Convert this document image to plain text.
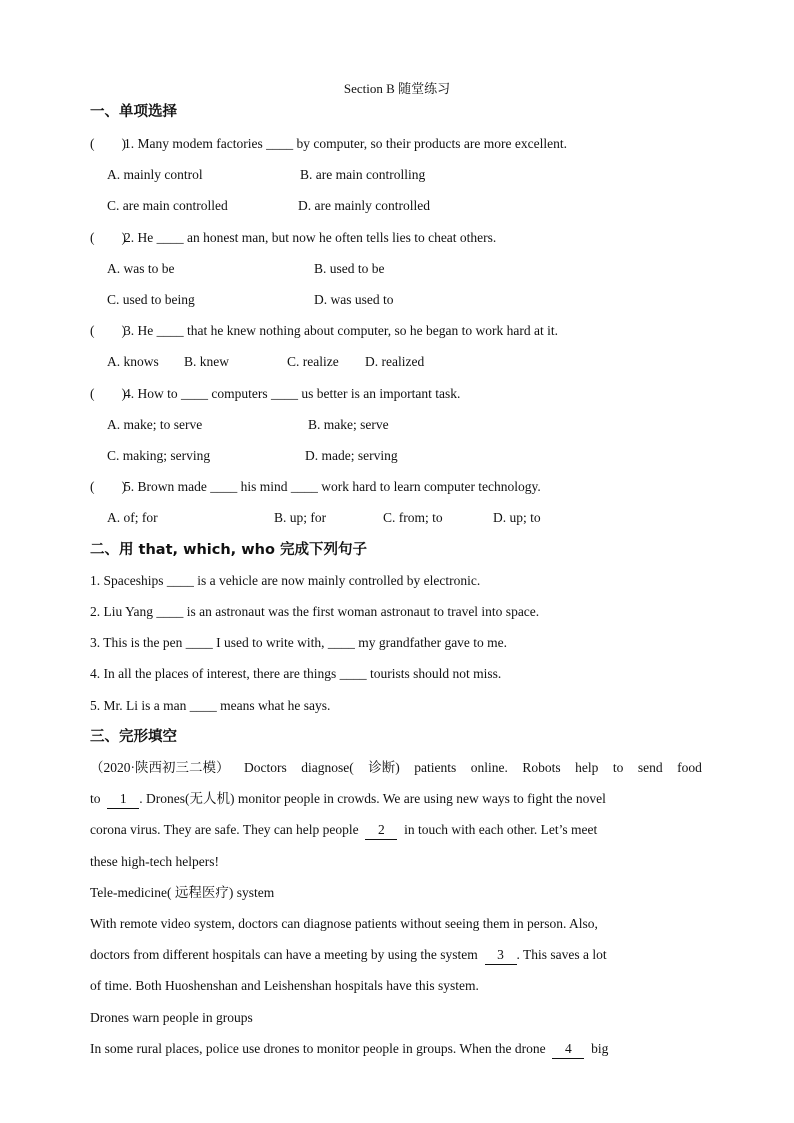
Section B 随堂练习
一、单项选择
(　　)1. Many modem factories ____ by computer, so their products are more excellent.
A. mainly control	B. are main controlling
C. are main controlled	D. are mainly controlled
(　　)2. He ____ an honest man, but now he often tells lies to cheat others.
A. was to be	B. used to be
C. used to being	D. was used to
(　　)3. He ____ that he knew nothing about computer, so he began to work hard at it.
A. knows B. knew	C. realize D. realized
(　　)4. How to ____ computers ____ us better is an important task.
A. make; to serve	B. make; serve
C. making; serving	D. made; serving
(　　)5. Brown made ____ his mind ____ work hard to learn computer technology.
A. of; for	B. up; for	C. from; to	D. up; to
二、用 that, which, who 完成下列句子
1. Spaceships ____ is a vehicle are now mainly controlled by electronic.
2. Liu Yang ____ is an astronaut was the first woman astronaut to travel into space.
3. This is the pen ____ I used to write with, ____ my grandfather gave to me.
4. In all the places of interest, there are things ____ tourists should not miss.
5. Mr. Li is a man ____ means what he says.
三、完形填空
（2020·陕西初三二模） Doctors diagnose( 诊断) patients online. Robots help to send food
to 1 . Drones(无人机) monitor people in crowds. We are using new ways to fight the novel
corona virus. They are safe. They can help people 2 in touch with each other. Let’s meet
these high-tech helpers!
Tele-medicine( 远程医疗) system
With remote video system, doctors can diagnose patients without seeing them in person. Also,
doctors from different hospitals can have a meeting by using the system 3 . This saves a lot
of time. Both Huoshenshan and Leishenshan hospitals have this system.
Drones warn people in groups
In some rural places, police use drones to monitor people in groups. When the drone 4 big
